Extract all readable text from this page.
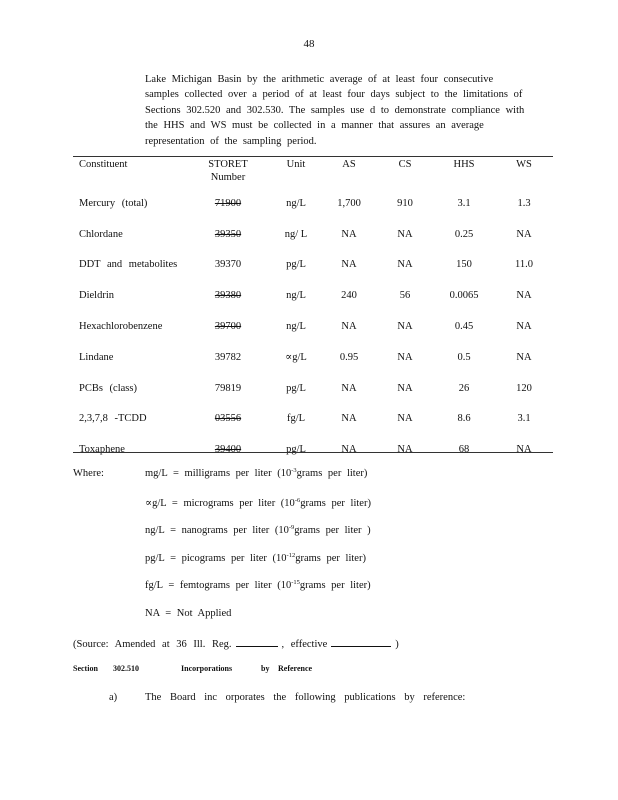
48
Lake Michigan Basin by the arithmetic average of at least four consecutive
samples collected over a period of at least four days subject to the limitations of
Sections 302.520 and 302.530. The samples use d to demonstrate compliance with
the HHS and WS must be collected in a manner that assures an average
representation of the sampling period.
Constituent	STORET Number	Unit	AS	CS	HHS	WS
Mercury (total)	71900	ng/L	1,700	910	3.1	1.3
Chlordane	39350	ng/ L	NA	NA	0.25	NA
DDT and metabolites	39370	pg/L	NA	NA	150	11.0
Dieldrin	39380	ng/L	240	56	0.0065	NA
Hexachlorobenzene	39700	ng/L	NA	NA	0.45	NA
Lindane	39782	∝g/L	0.95	NA	0.5	NA
PCBs (class)	79819	pg/L	NA	NA	26	120
2,3,7,8 -TCDD	03556	fg/L	NA	NA	8.6	3.1
Toxaphene	39400	pg/L	NA	NA	68	NA
Where:	mg/L = milligrams per liter ($10^{-3}grams$ per liter)
∝g/L = micrograms per liter ($10^{-6}grams$ per liter)
ng/L = nanograms per liter ($10^{-9}grams$ per liter )
pg/L = picograms per liter ($10^{-12}grams$ per liter)
fg/L = femtograms per liter ($10^{-15}grams$ per liter)
NA = Not Applied
(Source: Amended at 36 Ill. Reg.	, effective	)
Section 302.510	Incorporations	by Reference
a)	The Board inc orporates the following publications by reference:
